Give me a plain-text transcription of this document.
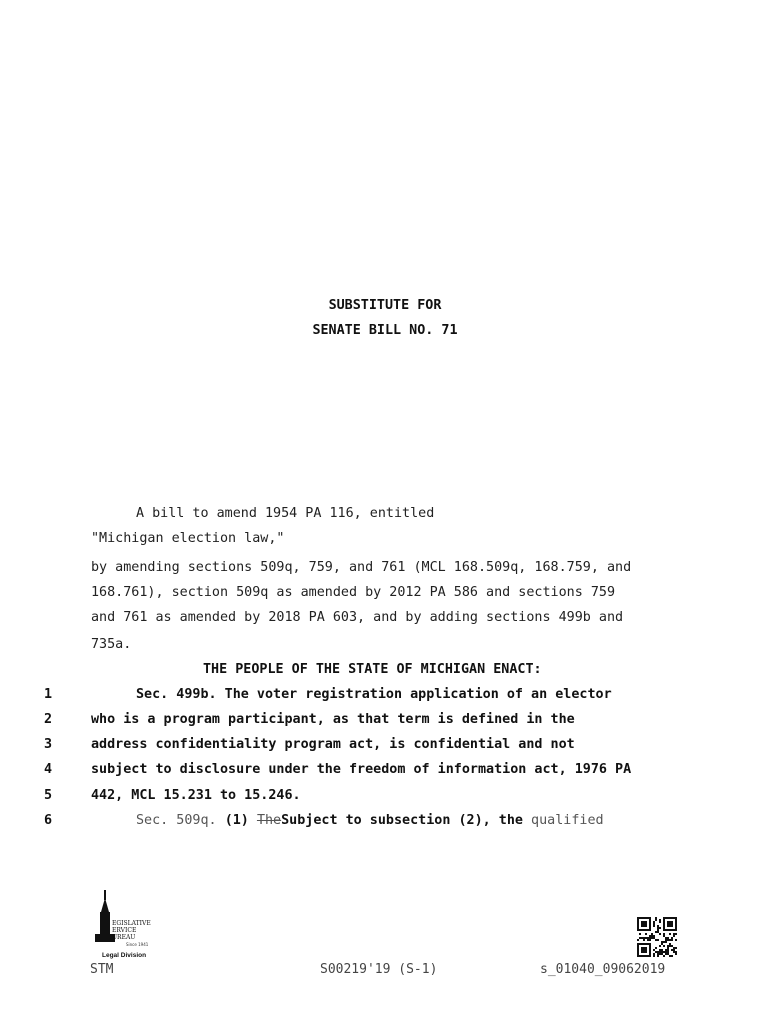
SUBSTITUTE FOR
SENATE BILL NO. 71
A bill to amend 1954 PA 116, entitled
"Michigan election law,"
by amending sections 509q, 759, and 761 (MCL 168.509q, 168.759, and
168.761), section 509q as amended by 2012 PA 586 and sections 759
and 761 as amended by 2018 PA 603, and by adding sections 499b and
735a.
THE PEOPLE OF THE STATE OF MICHIGAN ENACT:
1	Sec. 499b. The voter registration application of an elector
2	who is a program participant, as that term is defined in the
3	address confidentiality program act, is confidential and not
4	subject to disclosure under the freedom of information act, 1976 PA
5	442, MCL 15.231 to 15.246.
6	Sec. 509q. (1) TheSubject to subsection (2), the qualified
EGISLATIVE
ERVICE
UREAU
Since 1941
Legal Division
STM	S00219'19 (S-1)	s_01040_09062019
